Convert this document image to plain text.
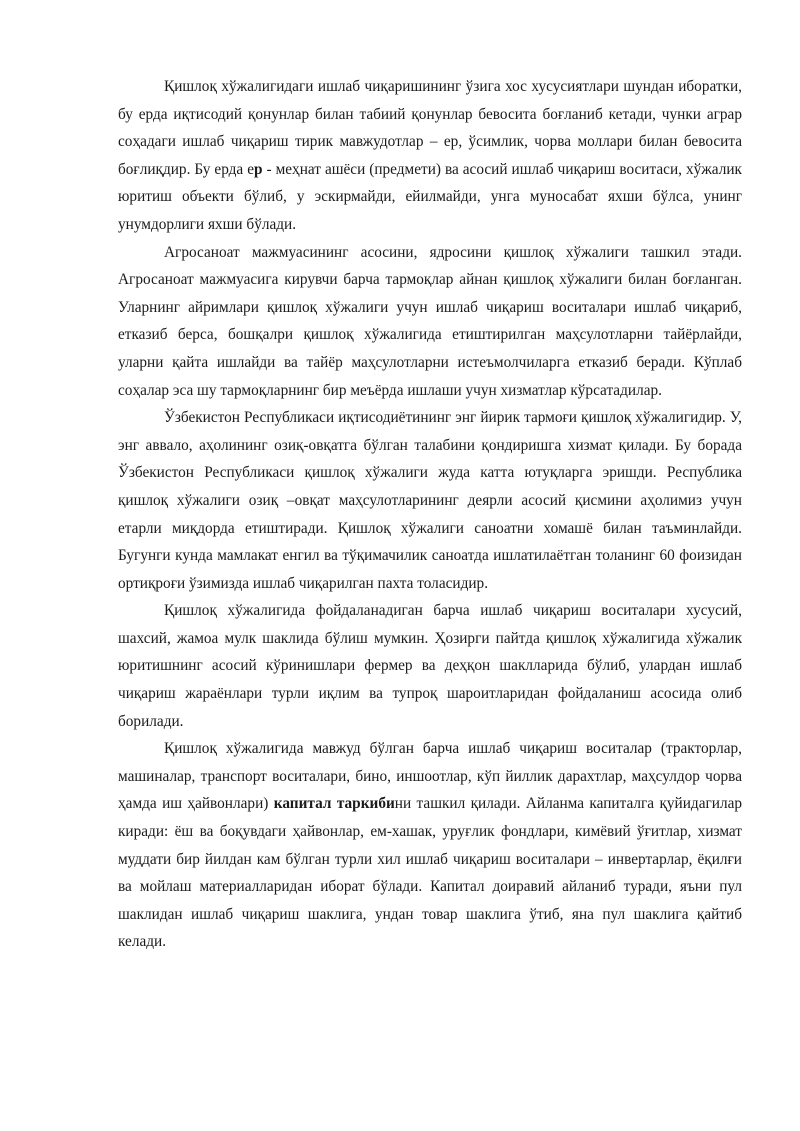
Қишлоқ хўжалигидаги ишлаб чиқаришининг ўзига хос хусусиятлари шундан иборатки, бу ерда иқтисодий қонунлар билан табиий қонунлар бевосита боғланиб кетади, чунки аграр соҳадаги ишлаб чиқариш тирик мавжудотлар – ер, ўсимлик, чорва моллари билан бевосита боғлиқдир. Бу ерда ер - меҳнат ашёси (предмети) ва асосий ишлаб чиқариш воситаси, хўжалик юритиш объекти бўлиб, у эскирмайди, ейилмайди, унга муносабат яхши бўлса, унинг унумдорлиги яхши бўлади.

Агросаноат мажмуасининг асосини, ядросини қишлоқ хўжалиги ташкил этади. Агросаноат мажмуасига кирувчи барча тармоқлар айнан қишлоқ хўжалиги билан боғланган. Уларнинг айримлари қишлоқ хўжалиги учун ишлаб чиқариш воситалари ишлаб чиқариб, етказиб берса, бошқалри қишлоқ хўжалигида етиштирилган маҳсулотларни тайёрлайди, уларни қайта ишлайди ва тайёр маҳсулотларни истеъмолчиларга етказиб беради. Кўплаб соҳалар эса шу тармоқларнинг бир меъёрда ишлаши учун хизматлар кўрсатадилар.

Ўзбекистон Республикаси иқтисодиётининг энг йирик тармоғи қишлоқ хўжалигидир. У, энг аввало, аҳолининг озиқ-овқатга бўлган талабини қондиришга хизмат қилади. Бу борада Ўзбекистон Республикаси қишлоқ хўжалиги жуда катта ютуқларга эришди. Республика қишлоқ хўжалиги озиқ –овқат маҳсулотларининг деярли асосий қисмини аҳолимиз учун етарли миқдорда етиштиради. Қишлоқ хўжалиги саноатни хомашё билан таъминлайди. Бугунги кунда мамлакат енгил ва тўқимачилик саноатда ишлатилаётган толанинг 60 фоизидан ортиқроғи ўзимизда ишлаб чиқарилган пахта толасидир.

Қишлоқ хўжалигида фойдаланадиган барча ишлаб чиқариш воситалари хусусий, шахсий, жамоа мулк шаклида бўлиш мумкин. Ҳозирги пайтда қишлоқ хўжалигида хўжалик юритишнинг асосий кўринишлари фермер ва деҳқон шаклларида бўлиб, улардан ишлаб чиқариш жараёнлари турли иқлим ва тупроқ шароитларидан фойдаланиш асосида олиб борилади.

Қишлоқ хўжалигида мавжуд бўлган барча ишлаб чиқариш воситалар (тракторлар, машиналар, транспорт воситалари, бино, иншоотлар, кўп йиллик дарахтлар, маҳсулдор чорва ҳамда иш ҳайвонлари) капитал таркибини ташкил қилади. Айланма капиталга қуйидагилар киради: ёш ва боқувдаги ҳайвонлар, ем-хашак, уруғлик фондлари, кимёвий ўғитлар, хизмат муддати бир йилдан кам бўлган турли хил ишлаб чиқариш воситалари – инвертарлар, ёқилғи ва мойлаш материалларидан иборат бўлади. Капитал доиравий айланиб туради, яъни пул шаклидан ишлаб чиқариш шаклига, ундан товар шаклига ўтиб, яна пул шаклига қайтиб келади.
